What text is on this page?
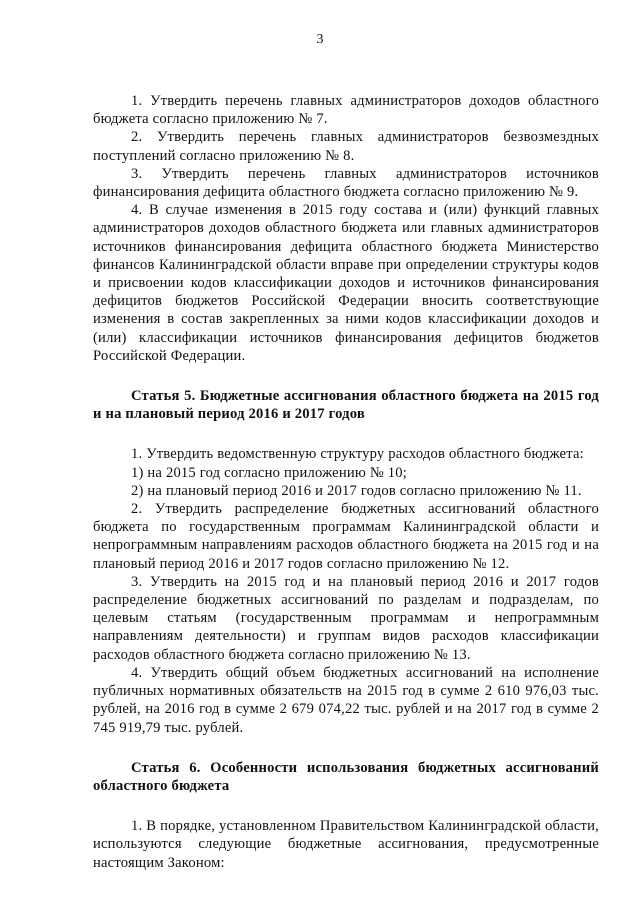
3

1. Утвердить перечень главных администраторов доходов областного бюджета согласно приложению № 7.

2. Утвердить перечень главных администраторов безвозмездных поступлений согласно приложению № 8.

3. Утвердить перечень главных администраторов источников финансирования дефицита областного бюджета согласно приложению № 9.

4. В случае изменения в 2015 году состава и (или) функций главных администраторов доходов областного бюджета или главных администраторов источников финансирования дефицита областного бюджета Министерство финансов Калининградской области вправе при определении структуры кодов и присвоении кодов классификации доходов и источников финансирования дефицитов бюджетов Российской Федерации вносить соответствующие изменения в состав закрепленных за ними кодов классификации доходов и (или) классификации источников финансирования дефицитов бюджетов Российской Федерации.

Статья 5. Бюджетные ассигнования областного бюджета на 2015 год и на плановый период 2016 и 2017 годов

1. Утвердить ведомственную структуру расходов областного бюджета:

1) на 2015 год согласно приложению № 10;

2) на плановый период 2016 и 2017 годов согласно приложению № 11.

2. Утвердить распределение бюджетных ассигнований областного бюджета по государственным программам Калининградской области и непрограммным направлениям расходов областного бюджета на 2015 год и на плановый период 2016 и 2017 годов согласно приложению № 12.

3. Утвердить на 2015 год и на плановый период 2016 и 2017 годов распределение бюджетных ассигнований по разделам и подразделам, по целевым статьям (государственным программам и непрограммным направлениям деятельности) и группам видов расходов классификации расходов областного бюджета согласно приложению № 13.

4. Утвердить общий объем бюджетных ассигнований на исполнение публичных нормативных обязательств на 2015 год в сумме 2 610 976,03 тыс. рублей, на 2016 год в сумме 2 679 074,22 тыс. рублей и на 2017 год в сумме 2 745 919,79 тыс. рублей.

Статья 6. Особенности использования бюджетных ассигнований областного бюджета

1. В порядке, установленном Правительством Калининградской области, используются следующие бюджетные ассигнования, предусмотренные настоящим Законом:
